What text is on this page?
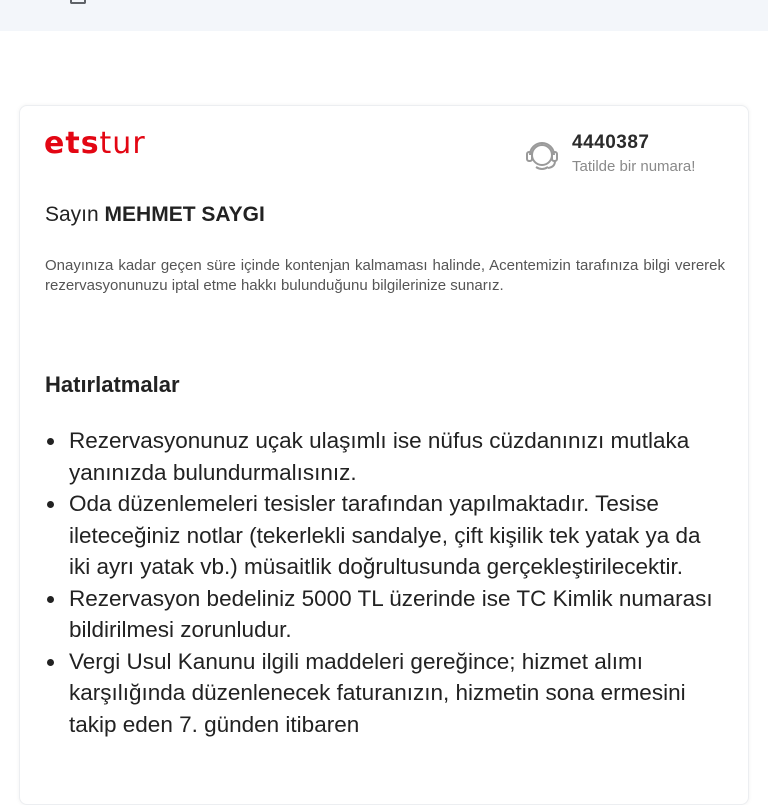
etstur	4440387
Tatilde bir numara!
Sayın MEHMET SAYGI

Onayınıza kadar geçen süre içinde kontenjan kalmaması halinde, Acentemizin tarafınıza bilgi vererek rezervasyonunuzu iptal etme hakkı bulunduğunu bilgilerinize sunarız.

Hatırlatmalar
Rezervasyonunuz uçak ulaşımlı ise nüfus cüzdanınızı mutlaka yanınızda bulundurmalısınız.
Oda düzenlemeleri tesisler tarafından yapılmaktadır. Tesise ileteceğiniz notlar (tekerlekli sandalye, çift kişilik tek yatak ya da iki ayrı yatak vb.) müsaitlik doğrultusunda gerçekleştirilecektir.
Rezervasyon bedeliniz 5000 TL üzerinde ise TC Kimlik numarası bildirilmesi zorunludur.
Vergi Usul Kanunu ilgili maddeleri gereğince; hizmet alımı karşılığında düzenlenecek faturanızın, hizmetin sona ermesini takip eden 7. günden itibaren
